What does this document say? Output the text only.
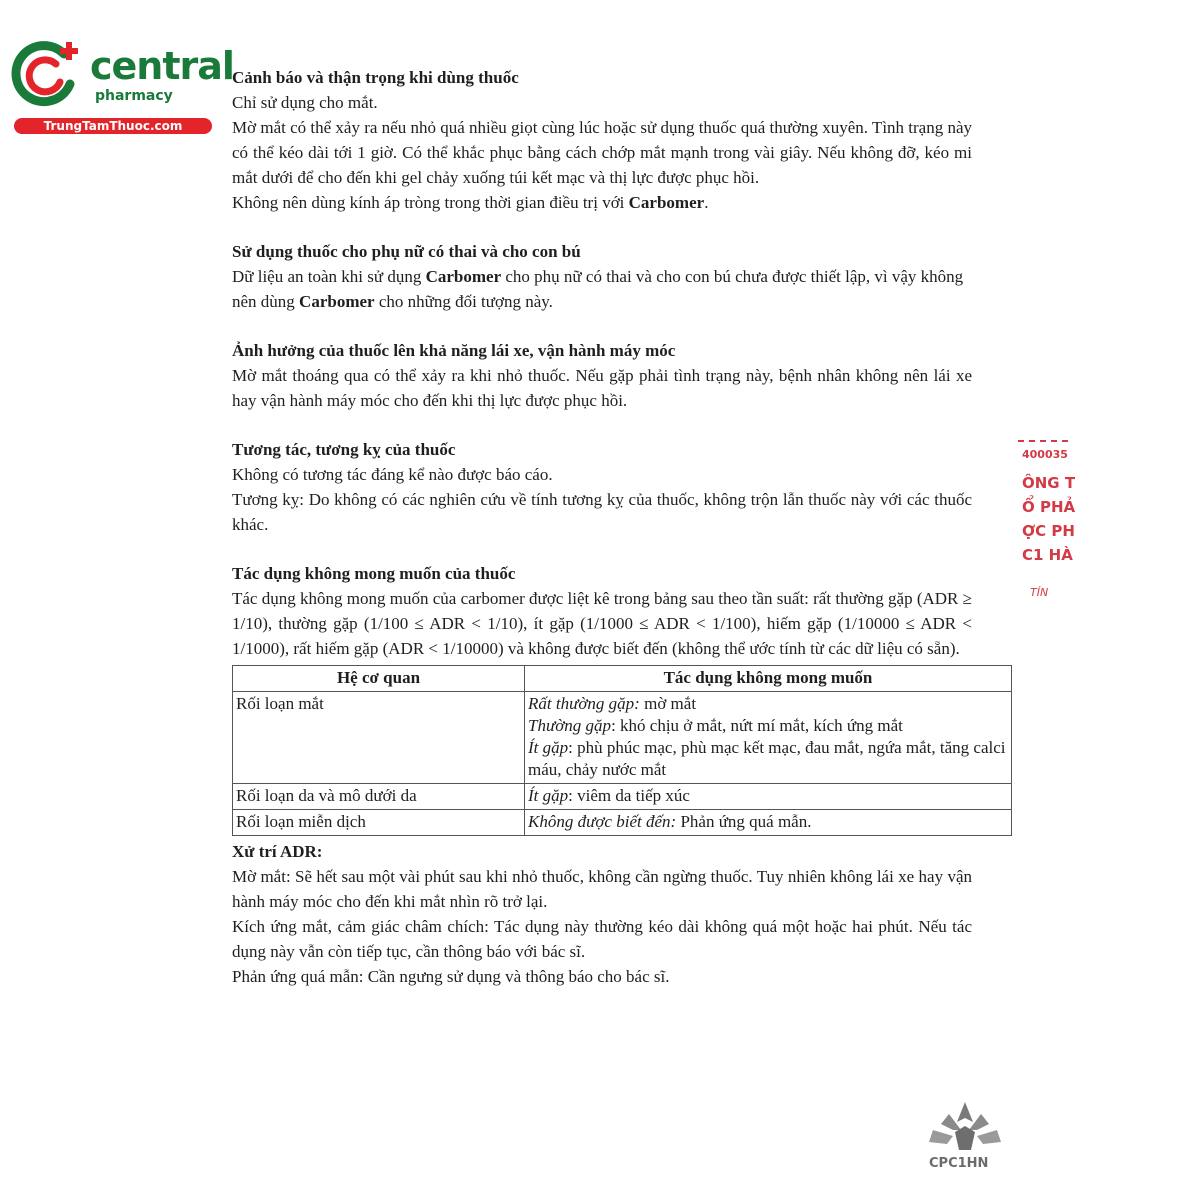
central
pharmacy
TrungTamThuoc.com
Cảnh báo và thận trọng khi dùng thuốc
Chỉ sử dụng cho mắt.
Mờ mắt có thể xảy ra nếu nhỏ quá nhiều giọt cùng lúc hoặc sử dụng thuốc quá thường xuyên. Tình trạng này có thể kéo dài tới 1 giờ. Có thể khắc phục bằng cách chớp mắt mạnh trong vài giây. Nếu không đỡ, kéo mi mắt dưới để cho đến khi gel chảy xuống túi kết mạc và thị lực được phục hồi.
Không nên dùng kính áp tròng trong thời gian điều trị với Carbomer.
Sử dụng thuốc cho phụ nữ có thai và cho con bú
Dữ liệu an toàn khi sử dụng Carbomer cho phụ nữ có thai và cho con bú chưa được thiết lập, vì vậy không nên dùng Carbomer cho những đối tượng này.
Ảnh hưởng của thuốc lên khả năng lái xe, vận hành máy móc
Mờ mắt thoáng qua có thể xảy ra khi nhỏ thuốc. Nếu gặp phải tình trạng này, bệnh nhân không nên lái xe hay vận hành máy móc cho đến khi thị lực được phục hồi.
Tương tác, tương kỵ của thuốc
Không có tương tác đáng kể nào được báo cáo.
Tương kỵ: Do không có các nghiên cứu về tính tương kỵ của thuốc, không trộn lẫn thuốc này với các thuốc khác.
Tác dụng không mong muốn của thuốc
Tác dụng không mong muốn của carbomer được liệt kê trong bảng sau theo tần suất: rất thường gặp (ADR ≥ 1/10), thường gặp (1/100 ≤ ADR < 1/10), ít gặp (1/1000 ≤ ADR < 1/100), hiếm gặp (1/10000 ≤ ADR < 1/1000), rất hiếm gặp (ADR < 1/10000) và không được biết đến (không thể ước tính từ các dữ liệu có sẵn).
Hệ cơ quan	Tác dụng không mong muốn
Rối loạn mắt	Rất thường gặp: mờ mắt
Thường gặp: khó chịu ở mắt, nứt mí mắt, kích ứng mắt
Ít gặp: phù phúc mạc, phù mạc kết mạc, đau mắt, ngứa mắt, tăng calci máu, chảy nước mắt

Rối loạn da và mô dưới da	Ít gặp: viêm da tiếp xúc

Rối loạn miễn dịch	Không được biết đến: Phản ứng quá mẫn.
Xử trí ADR:
Mờ mắt: Sẽ hết sau một vài phút sau khi nhỏ thuốc, không cần ngừng thuốc. Tuy nhiên không lái xe hay vận hành máy móc cho đến khi mắt nhìn rõ trở lại.
Kích ứng mắt, cảm giác châm chích: Tác dụng này thường kéo dài không quá một hoặc hai phút. Nếu tác dụng này vẫn còn tiếp tục, cần thông báo với bác sĩ.
Phản ứng quá mẫn: Cần ngưng sử dụng và thông báo cho bác sĩ.
400035
ÔNG T
Ổ PHẢ
ỢC PH
C1 HÀ
TÍN
CPC1HN
